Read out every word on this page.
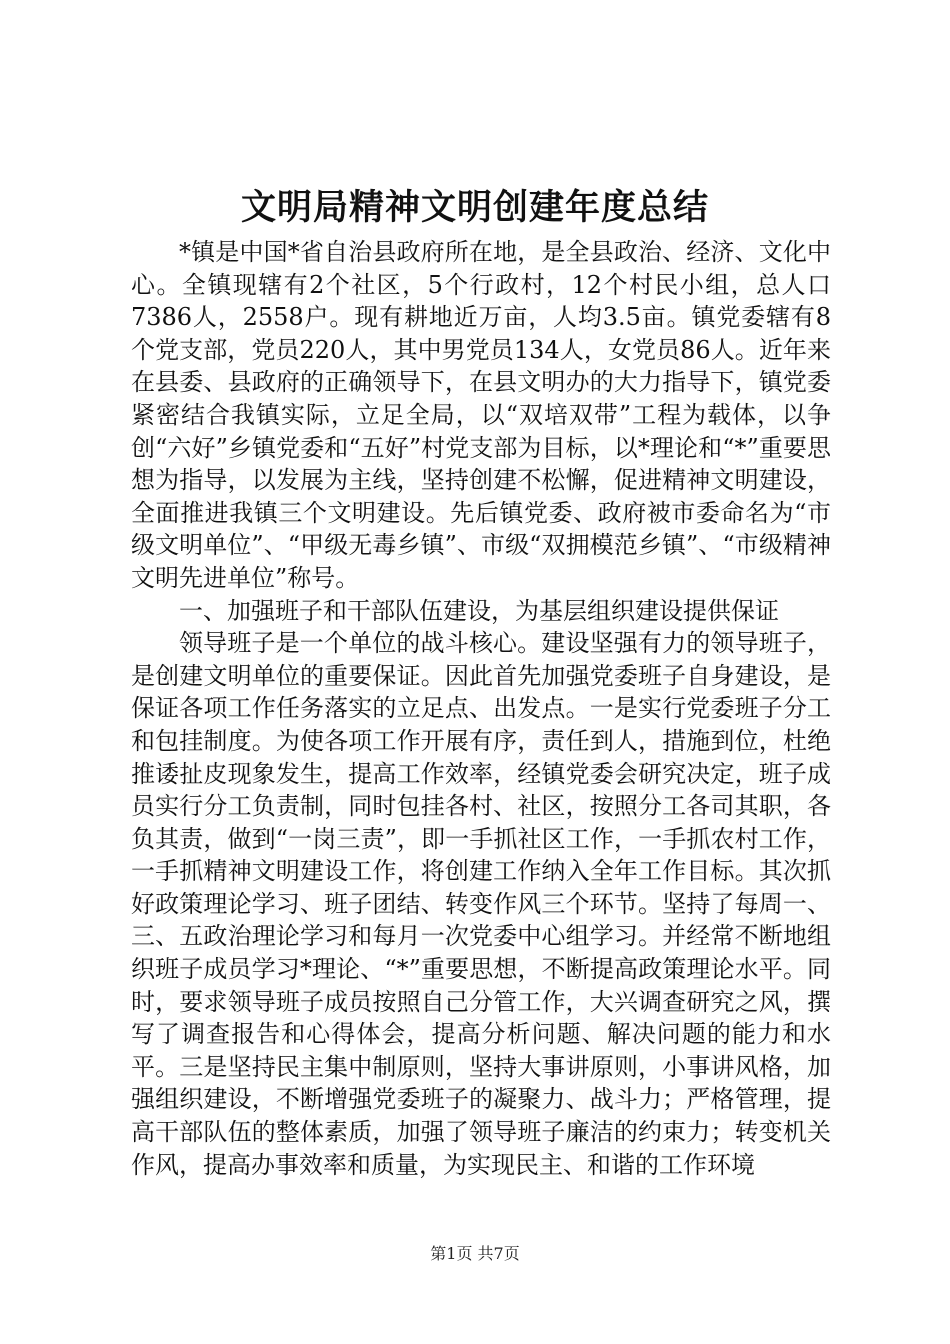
文明局精神文明创建年度总结

*镇是中国*省自治县政府所在地，是全县政治、经济、文化中心。全镇现辖有2个社区，5个行政村，12个村民小组，总人口7386人，2558户。现有耕地近万亩，人均3.5亩。镇党委辖有8个党支部，党员220人，其中男党员134人，女党员86人。近年来在县委、县政府的正确领导下，在县文明办的大力指导下，镇党委紧密结合我镇实际，立足全局，以“双培双带”工程为载体，以争创“六好”乡镇党委和“五好”村党支部为目标，以*理论和“*”重要思想为指导，以发展为主线，坚持创建不松懈，促进精神文明建设，全面推进我镇三个文明建设。先后镇党委、政府被市委命名为“市级文明单位”、“甲级无毒乡镇”、市级“双拥模范乡镇”、“市级精神文明先进单位”称号。

一、加强班子和干部队伍建设，为基层组织建设提供保证

领导班子是一个单位的战斗核心。建设坚强有力的领导班子，是创建文明单位的重要保证。因此首先加强党委班子自身建设，是保证各项工作任务落实的立足点、出发点。一是实行党委班子分工和包挂制度。为使各项工作开展有序，责任到人，措施到位，杜绝推诿扯皮现象发生，提高工作效率，经镇党委会研究决定，班子成员实行分工负责制，同时包挂各村、社区，按照分工各司其职，各负其责，做到“一岗三责”，即一手抓社区工作，一手抓农村工作，一手抓精神文明建设工作，将创建工作纳入全年工作目标。其次抓好政策理论学习、班子团结、转变作风三个环节。坚持了每周一、三、五政治理论学习和每月一次党委中心组学习。并经常不断地组织班子成员学习*理论、“*”重要思想，不断提高政策理论水平。同时，要求领导班子成员按照自己分管工作，大兴调查研究之风，撰写了调查报告和心得体会，提高分析问题、解决问题的能力和水平。三是坚持民主集中制原则，坚持大事讲原则，小事讲风格，加强组织建设，不断增强党委班子的凝聚力、战斗力；严格管理，提高干部队伍的整体素质，加强了领导班子廉洁的约束力；转变机关作风，提高办事效率和质量，为实现民主、和谐的工作环境

第1页 共7页
